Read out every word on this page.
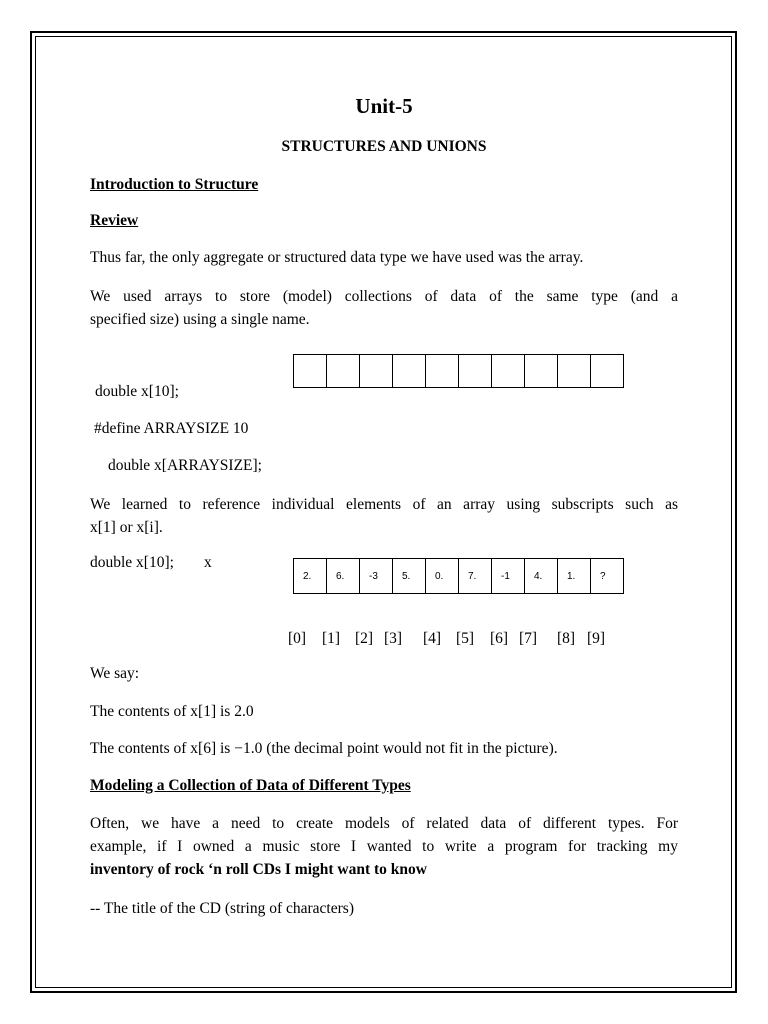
Unit-5
STRUCTURES AND UNIONS
Introduction to Structure
Review
Thus far, the only aggregate or structured data type we have used was the array.
We used arrays to store (model) collections of data of the same type (and a
specified size) using a single name.
double x[10];
#define ARRAYSIZE 10
double x[ARRAYSIZE];
We learned to reference individual elements of an array using subscripts such as
x[1] or x[i].
double x[10]; x
2.	6.	-3	5.	0.	7.	-1	4.	1.	?
[0] [1] [2] [3] [4] [5] [6] [7] [8] [9]
We say:
The contents of x[1] is 2.0
The contents of x[6] is −1.0 (the decimal point would not fit in the picture).
Modeling a Collection of Data of Different Types
Often, we have a need to create models of related data of different types. For
example, if I owned a music store I wanted to write a program for tracking my
inventory of rock ‘n roll CDs I might want to know
-- The title of the CD (string of characters)
